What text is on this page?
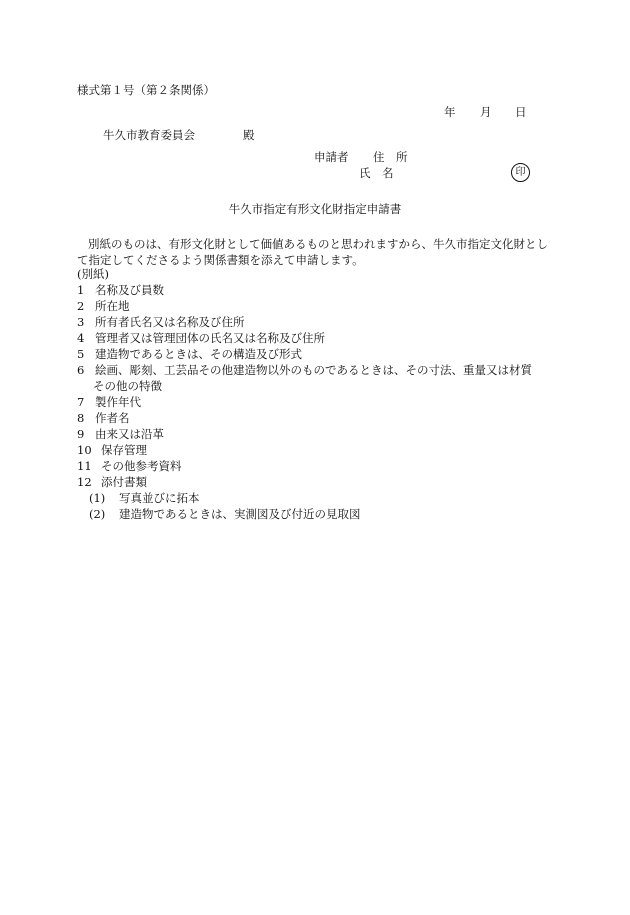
様式第１号（第２条関係）
年 月 日
牛久市教育委員会	殿
申請者 住　所
氏　名	印
牛久市指定有形文化財指定申請書
別紙のものは、有形文化財として価値あるものと思われますから、牛久市指定文化財として指定してくださるよう関係書類を添えて申請します。
(別紙)
1 名称及び員数
2 所在地
3 所有者氏名又は名称及び住所
4 管理者又は管理団体の氏名又は名称及び住所
5 建造物であるときは、その構造及び形式
6 絵画、彫刻、工芸品その他建造物以外のものであるときは、その寸法、重量又は材質
その他の特徴
7 製作年代
8 作者名
9 由来又は沿革
10 保存管理
11 その他参考資料
12 添付書類
(1)	写真並びに拓本
(2)	建造物であるときは、実測図及び付近の見取図
